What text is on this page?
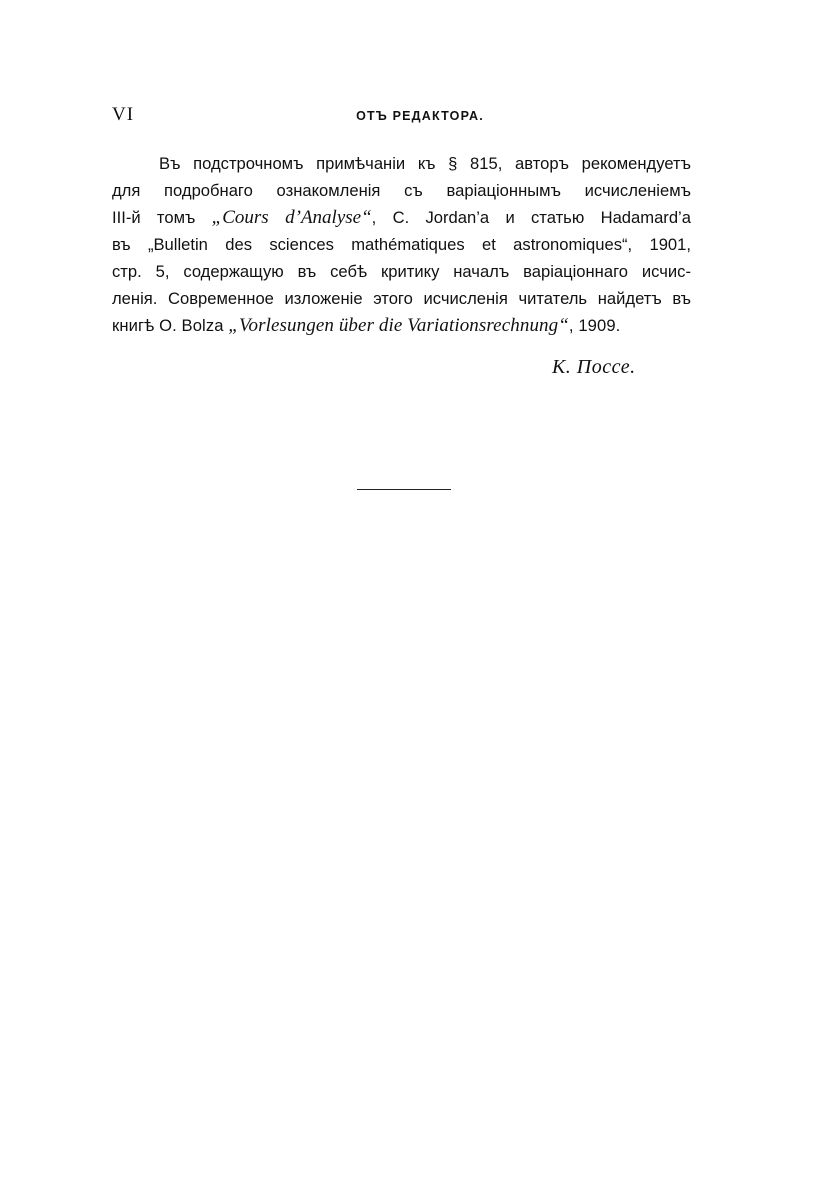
VI	ОТЪ РЕДАКТОРА.
Въ подстрочномъ примѣчаніи къ § 815, авторъ рекомендуетъ
для подробнаго ознакомленія съ варіаціоннымъ исчисленіемъ
III-й томъ „Cours d’Analyse“, C. Jordan’a и статью Hadamard’a
въ „Bulletin des sciences mathématiques et astronomiques“, 1901,
стр. 5, содержащую въ себѣ критику началъ варіаціоннаго исчис-
ленія. Современное изложеніе этого исчисленія читатель найдетъ въ
книгѣ O. Bolza „Vorlesungen über die Variationsrechnung“, 1909.
К. Поссе.
